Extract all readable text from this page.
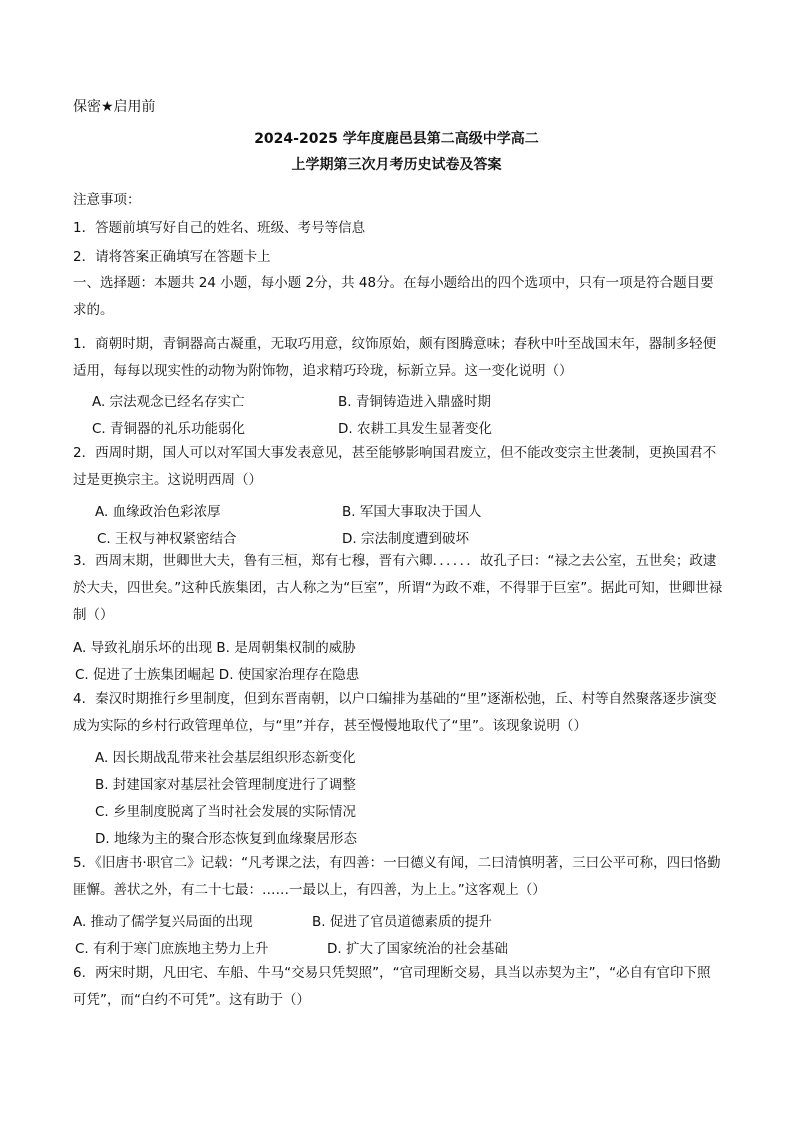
保密★启用前
2024-2025 学年度鹿邑县第二高级中学高二
上学期第三次月考历史试卷及答案
注意事项：
1．答题前填写好自己的姓名、班级、考号等信息
2．请将答案正确填写在答题卡上
一、选择题：本题共 24 小题，每小题 2分，共 48分。在每小题给出的四个选项中，只有一项是符合题目要求的。
1．商朝时期，青铜器高古凝重，无取巧用意，纹饰原始，颇有图腾意味；春秋中叶至战国末年，器制多轻便适用，每每以现实性的动物为附饰物，追求精巧玲珑，标新立异。这一变化说明（）
A. 宗法观念已经名存实亡	B. 青铜铸造进入鼎盛时期
C. 青铜器的礼乐功能弱化	D. 农耕工具发生显著变化
2．西周时期，国人可以对军国大事发表意见，甚至能够影响国君废立，但不能改变宗主世袭制，更换国君不过是更换宗主。这说明西周（）
A. 血缘政治色彩浓厚	B. 军国大事取决于国人
C. 王权与神权紧密结合	D. 宗法制度遭到破坏
3．西周末期，世卿世大夫，鲁有三桓，郑有七穆，晋有六卿．．．．．．故孔子曰：“禄之去公室，五世矣；政逮於大夫，四世矣。”这种氏族集团，古人称之为“巨室”，所谓“为政不难，不得罪于巨室”。据此可知，世卿世禄制（）
A. 导致礼崩乐坏的出现 B. 是周朝集权制的威胁
C. 促进了士族集团崛起 D. 使国家治理存在隐患
4．秦汉时期推行乡里制度，但到东晋南朝，以户口编排为基础的“里”逐渐松弛，丘、村等自然聚落逐步演变成为实际的乡村行政管理单位，与“里”并存，甚至慢慢地取代了“里”。该现象说明（）
A. 因长期战乱带来社会基层组织形态新变化
B. 封建国家对基层社会管理制度进行了调整
C. 乡里制度脱离了当时社会发展的实际情况
D. 地缘为主的聚合形态恢复到血缘聚居形态
5．《旧唐书·职官二》记载：“凡考课之法，有四善：一曰德义有闻，二曰清慎明著，三曰公平可称，四曰恪勤匪懈。善状之外，有二十七最：……一最以上，有四善，为上上。”这客观上（）
A. 推动了儒学复兴局面的出现	B. 促进了官员道德素质的提升
C. 有利于寒门庶族地主势力上升	D. 扩大了国家统治的社会基础
6．两宋时期，凡田宅、车船、牛马“交易只凭契照”，“官司理断交易，具当以赤契为主”，“必自有官印下照可凭”，而“白约不可凭”。这有助于（）
